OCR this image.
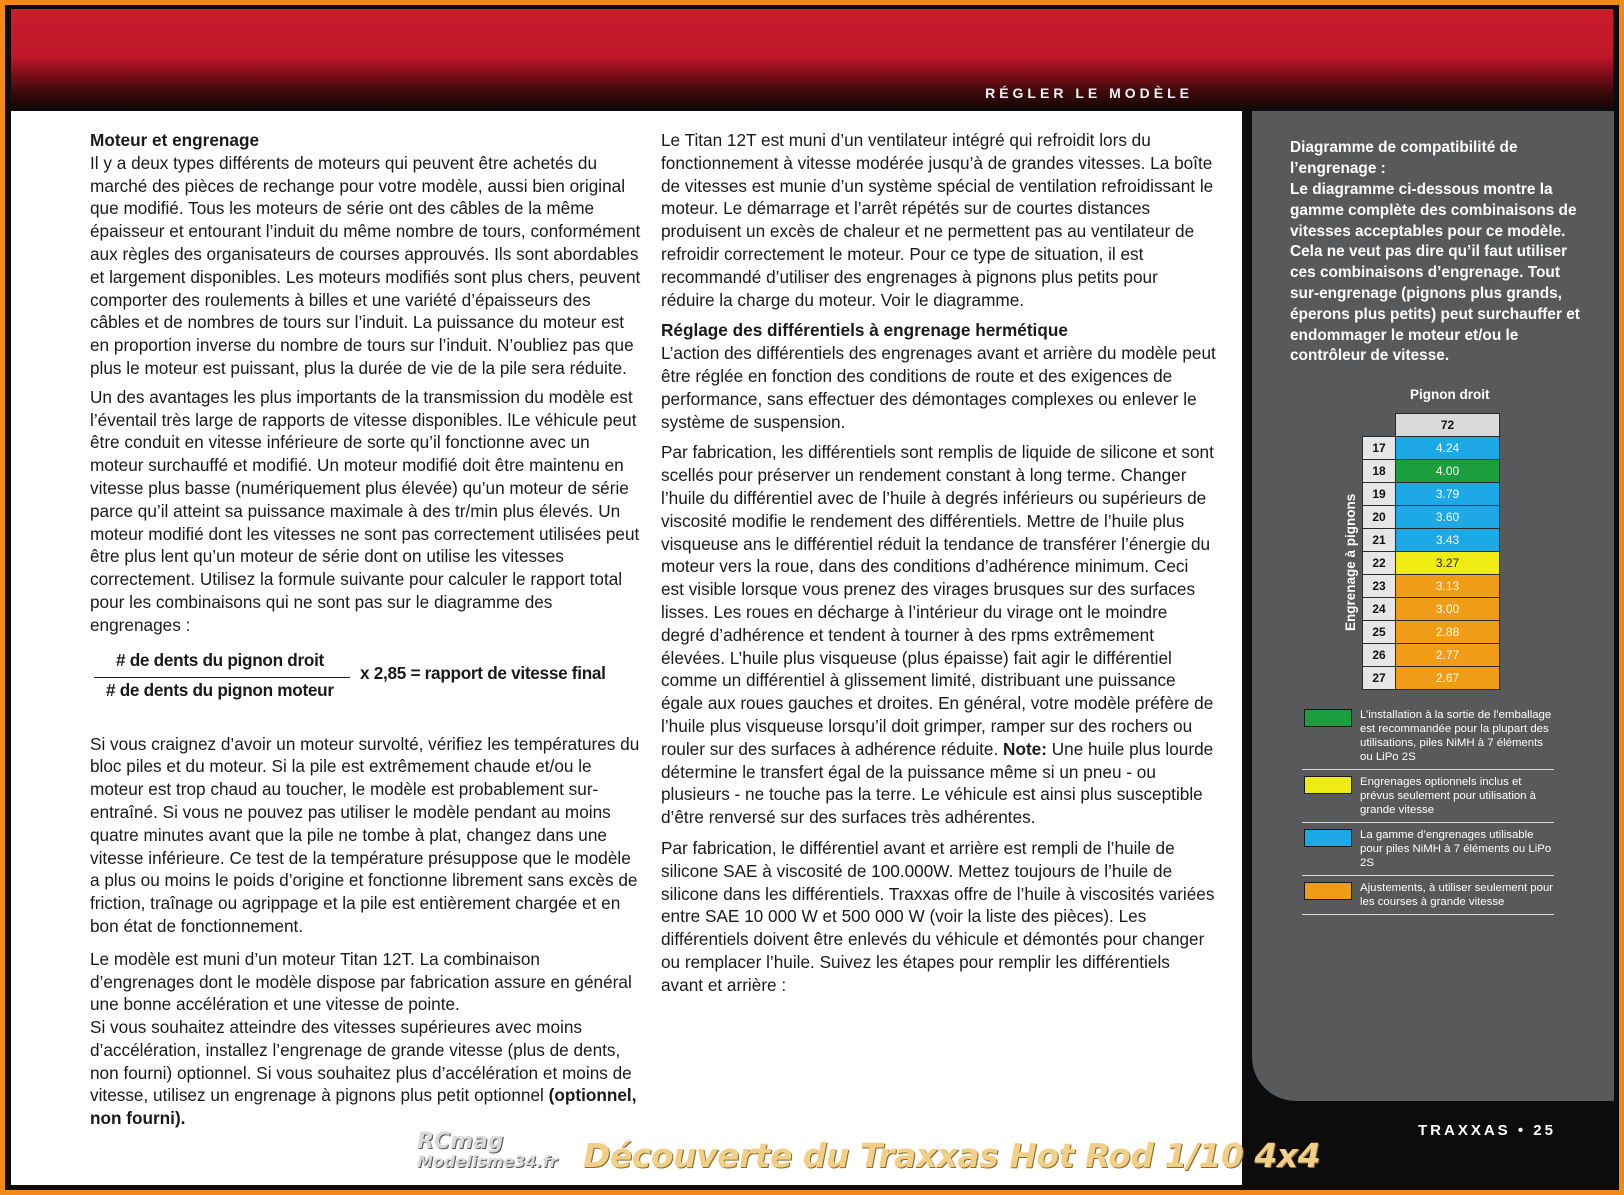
RÉGLER LE MODÈLE
Moteur et engrenage

Il y a deux types différents de moteurs qui peuvent être achetés du marché des pièces de rechange pour votre modèle, aussi bien original que modifié. Tous les moteurs de série ont des câbles de la même épaisseur et entourant l’induit du même nombre de tours, conformément aux règles des organisateurs de courses approuvés. Ils sont abordables et largement disponibles. Les moteurs modifiés sont plus chers, peuvent comporter des roulements à billes et une variété d’épaisseurs des câbles et de nombres de tours sur l’induit. La puissance du moteur est en proportion inverse du nombre de tours sur l’induit. N’oubliez pas que plus le moteur est puissant, plus la durée de vie de la pile sera réduite.

Un des avantages les plus importants de la transmission du modèle est l’éventail très large de rapports de vitesse disponibles. lLe véhicule peut être conduit en vitesse inférieure de sorte qu’il fonctionne avec un moteur surchauffé et modifié. Un moteur modifié doit être maintenu en vitesse plus basse (numériquement plus élevée) qu’un moteur de série parce qu’il atteint sa puissance maximale à des tr/min plus élevés. Un moteur modifié dont les vitesses ne sont pas correctement utilisées peut être plus lent qu’un moteur de série dont on utilise les vitesses correctement. Utilisez la formule suivante pour calculer le rapport total pour les combinaisons qui ne sont pas sur le diagramme des engrenages :

# de dents du pignon droit
# de dents du pignon moteur
x 2,85 = rapport de vitesse final

Si vous craignez d’avoir un moteur survolté, vérifiez les températures du bloc piles et du moteur. Si la pile est extrêmement chaude et/ou le moteur est trop chaud au toucher, le modèle est probablement sur-entraîné. Si vous ne pouvez pas utiliser le modèle pendant au moins quatre minutes avant que la pile ne tombe à plat, changez dans une vitesse inférieure. Ce test de la température présuppose que le modèle a plus ou moins le poids d’origine et fonctionne librement sans excès de friction, traînage ou agrippage et la pile est entièrement chargée et en bon état de fonctionnement.

Le modèle est muni d’un moteur Titan 12T. La combinaison d’engrenages dont le modèle dispose par fabrication assure en général une bonne accélération et une vitesse de pointe.

Si vous souhaitez atteindre des vitesses supérieures avec moins d’accélération, installez l’engrenage de grande vitesse (plus de dents, non fourni) optionnel. Si vous souhaitez plus d’accélération et moins de vitesse, utilisez un engrenage à pignons plus petit optionnel (optionnel, non fourni).

Le Titan 12T est muni d’un ventilateur intégré qui refroidit lors du fonctionnement à vitesse modérée jusqu’à de grandes vitesses. La boîte de vitesses est munie d’un système spécial de ventilation refroidissant le moteur. Le démarrage et l’arrêt répétés sur de courtes distances produisent un excès de chaleur et ne permettent pas au ventilateur de refroidir correctement le moteur. Pour ce type de situation, il est recommandé d’utiliser des engrenages à pignons plus petits pour réduire la charge du moteur. Voir le diagramme.

Réglage des différentiels à engrenage hermétique

L’action des différentiels des engrenages avant et arrière du modèle peut être réglée en fonction des conditions de route et des exigences de performance, sans effectuer des démontages complexes ou enlever le système de suspension.

Par fabrication, les différentiels sont remplis de liquide de silicone et sont scellés pour préserver un rendement constant à long terme. Changer l’huile du différentiel avec de l’huile à degrés inférieurs ou supérieurs de viscosité modifie le rendement des différentiels. Mettre de l’huile plus visqueuse ans le différentiel réduit la tendance de transférer l’énergie du moteur vers la roue, dans des conditions d’adhérence minimum. Ceci est visible lorsque vous prenez des virages brusques sur des surfaces lisses. Les roues en décharge à l’intérieur du virage ont le moindre degré d’adhérence et tendent à tourner à des rpms extrêmement élevées. L’huile plus visqueuse (plus épaisse) fait agir le différentiel comme un différentiel à glissement limité, distribuant une puissance égale aux roues gauches et droites. En général, votre modèle préfère de l’huile plus visqueuse lorsqu’il doit grimper, ramper sur des rochers ou rouler sur des surfaces à adhérence réduite. Note: Une huile plus lourde détermine le transfert égal de la puissance même si un pneu - ou plusieurs - ne touche pas la terre. Le véhicule est ainsi plus susceptible d’être renversé sur des surfaces très adhérentes.

Par fabrication, le différentiel avant et arrière est rempli de l’huile de silicone SAE à viscosité de 100.000W. Mettez toujours de l’huile de silicone dans les différentiels. Traxxas offre de l’huile à viscosités variées entre SAE 10 000 W et 500 000 W (voir la liste des pièces). Les différentiels doivent être enlevés du véhicule et démontés pour changer ou remplacer l’huile. Suivez les étapes pour remplir les différentiels avant et arrière :

Diagramme de compatibilité de l’engrenage :
Le diagramme ci-dessous montre la gamme complète des combinaisons de vitesses acceptables pour ce modèle. Cela ne veut pas dire qu’il faut utiliser ces combinaisons d’engrenage. Tout sur-engrenage (pignons plus grands, éperons plus petits) peut surchauffer et endommager le moteur et/ou le contrôleur de vitesse.
Pignon droit
Engrenage à pignons
	72
17	4.24
18	4.00
19	3.79
20	3.60
21	3.43
22	3.27
23	3.13
24	3.00
25	2.88
26	2.77
27	2.67
L’installation à la sortie de l’emballage est recommandée pour la plupart des utilisations, piles NiMH à 7 éléments ou LiPo 2S
Engrenages optionnels inclus et prévus seulement pour utilisation à grande vitesse
La gamme d’engrenages utilisable pour piles NiMH à 7 éléments ou LiPo 2S
Ajustements, à utiliser seulement pour les courses à grande vitesse
TRAXXAS • 25
RCmag
Modelisme34.fr Découverte du Traxxas Hot Rod 1/10 4x4
